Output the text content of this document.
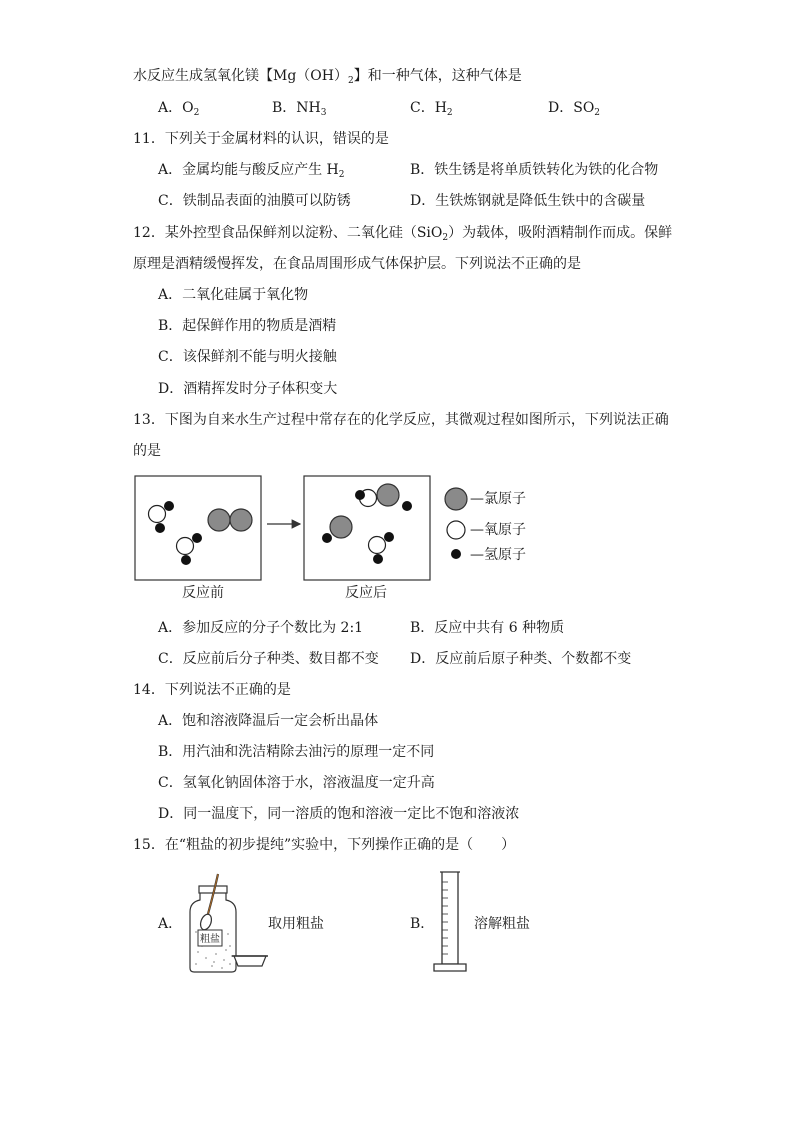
水反应生成氢氧化镁【$Mg(OH)_2$】和一种气体，这种气体是
A．$O_2$	B．$NH_3$	C．$H_2$	D．$SO_2$
11．下列关于金属材料的认识，错误的是
A．金属均能与酸反应产生 $H_2$	B．铁生锈是将单质铁转化为铁的化合物
C．铁制品表面的油膜可以防锈	D．生铁炼钢就是降低生铁中的含碳量
12．某外控型食品保鲜剂以淀粉、二氧化硅（SiO$_2$）为载体，吸附酒精制作而成。保鲜
原理是酒精缓慢挥发，在食品周围形成气体保护层。下列说法不正确的是
A．二氧化硅属于氧化物
B．起保鲜作用的物质是酒精
C．该保鲜剂不能与明火接触
D．酒精挥发时分子体积变大
13．下图为自来水生产过程中常存在的化学反应，其微观过程如图所示，下列说法正确
的是
—氯原子
—氧原子
—氢原子
反应前	反应后
A．参加反应的分子个数比为 2:1	B．反应中共有 6 种物质
C．反应前后分子种类、数目都不变 D．反应前后原子种类、个数都不变
14．下列说法不正确的是
A．饱和溶液降温后一定会析出晶体
B．用汽油和洗洁精除去油污的原理一定不同
C．氢氧化钠固体溶于水，溶液温度一定升高
D．同一温度下，同一溶质的饱和溶液一定比不饱和溶液浓
15．在“粗盐的初步提纯”实验中，下列操作正确的是（　　）
A．
粗盐
取用粗盐	B．	溶解粗盐
